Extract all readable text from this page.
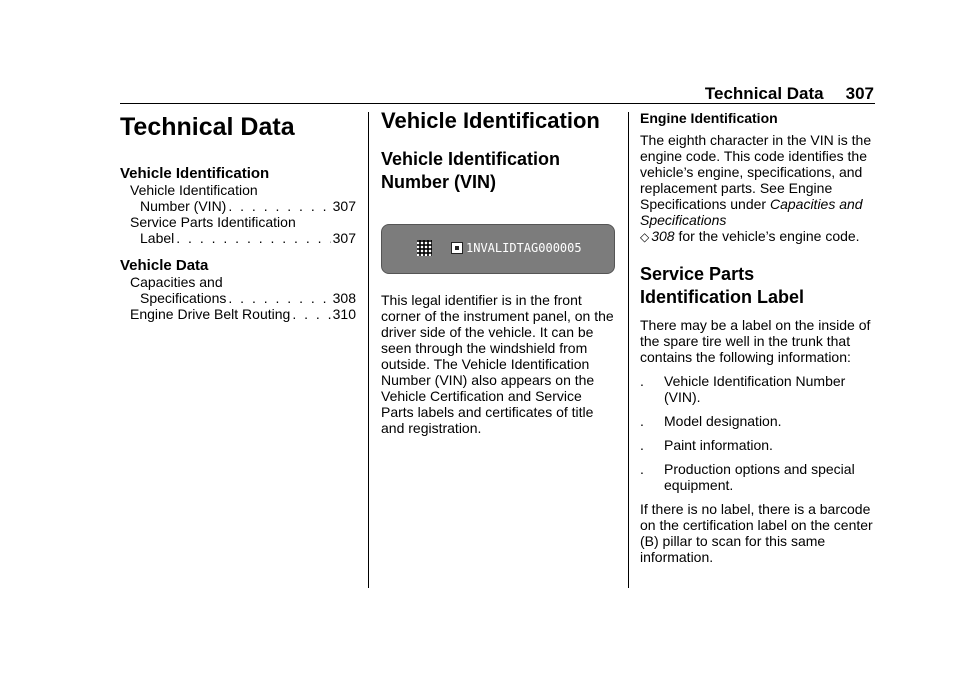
Technical Data 307
Technical Data
Vehicle Identification
Vehicle Identification
Number (VIN) . . .	307
Service Parts Identification
Label . . .	307
Vehicle Data
Capacities and
Specifications . . .	308
Engine Drive Belt Routing . . .	310
Vehicle Identification
Vehicle Identification
Number (VIN)
1NVALIDTAG000005

This legal identifier is in the front corner of the instrument panel, on the driver side of the vehicle. It can be seen through the windshield from outside. The Vehicle Identification Number (VIN) also appears on the Vehicle Certification and Service Parts labels and certificates of title and registration.

Engine Identification

The eighth character in the VIN is the engine code. This code identifies the vehicle’s engine, specifications, and replacement parts. See Engine Specifications under Capacities and Specifications
◇ 308 for the vehicle’s engine code.

Service Parts
Identification Label

There may be a label on the inside of the spare tire well in the trunk that contains the following information:

.	Vehicle Identification Number (VIN).
.	Model designation.
.	Paint information.
.	Production options and special equipment.

If there is no label, there is a barcode on the certification label on the center (B) pillar to scan for this same information.
